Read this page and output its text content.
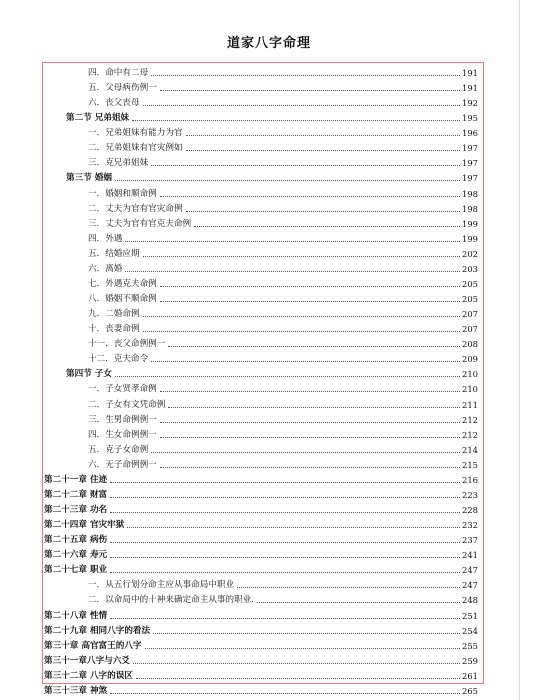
道家八字命理
四．命中有二母	191
五．父母病伤例一	191
六．丧父丧母	192
第二节 兄弟姐妹	195
一．兄弟姐妹有能力为官	196
二．兄弟姐妹有官灾例如	197
三．克兄弟姐妹	197
第三节 婚姻	197
一．婚姻和顺命例	198
二．丈夫为官有官灾命例	198
三．丈夫为官有官克夫命例	199
四．外遇	199
五．结婚应期	202
六．离婚	203
七．外遇克夫命例	205
八．婚姻不顺命例	205
九．二婚命例	207
十．丧妻命例	207
十一．丧父命例例一	208
十二．克夫命令	209
第四节 子女	210
一．子女贤孝命例	210
二．子女有文凭命例	211
三．生男命例例一	212
四．生女命例例一	212
五．克子女命例	214
六．无子命例例一	215
第二十一章 住迹	216
第二十二章 财富	223
第二十三章 功名	228
第二十四章 官灾牢狱	232
第二十五章 病伤	237
第二十六章 寿元	241
第二十七章 职业	247
一．从五行划分命主应从事命局中职业	247
二．以命局中的十神来确定命主从事的职业.	248
第二十八章 性情	251
第二十九章 相同八字的看法	254
第三十章 高官富王的八字	255
第三十一章八字与六爻	259
第三十二章 八字的误区	261
第三十三章 神煞	265
